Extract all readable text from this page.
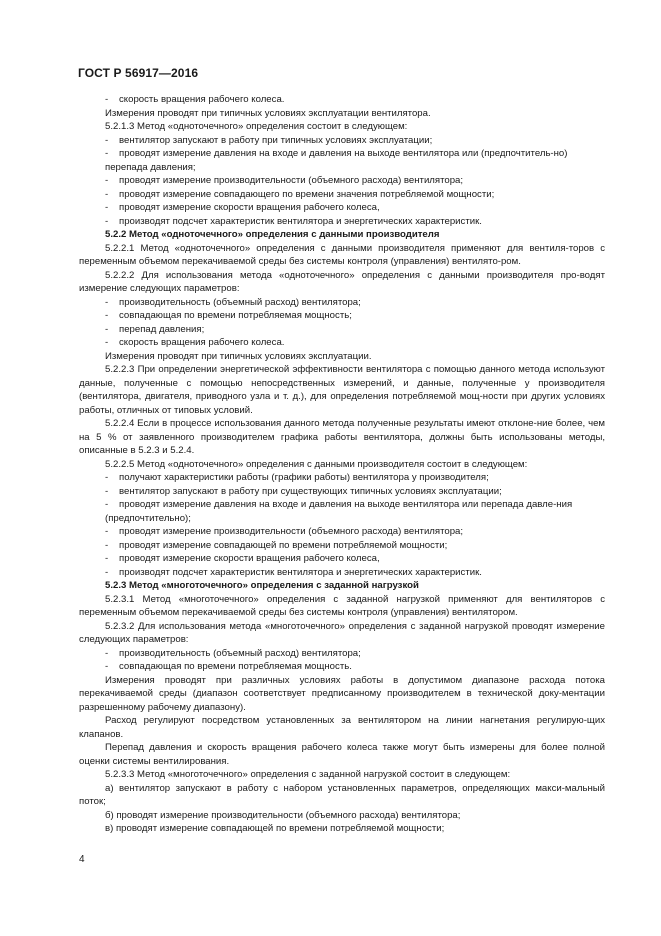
ГОСТ Р 56917—2016
- скорость вращения рабочего колеса.
Измерения проводят при типичных условиях эксплуатации вентилятора.
5.2.1.3 Метод «одноточечного» определения состоит в следующем:
- вентилятор запускают в работу при типичных условиях эксплуатации;
- проводят измерение давления на входе и давления на выходе вентилятора или (предпочтитель-но) перепада давления;
- проводят измерение производительности (объемного расхода) вентилятора;
- проводят измерение совпадающего по времени значения потребляемой мощности;
- проводят измерение скорости вращения рабочего колеса,
- производят подсчет характеристик вентилятора и энергетических характеристик.
5.2.2 Метод «одноточечного» определения с данными производителя
5.2.2.1 Метод «одноточечного» определения с данными производителя применяют для вентиля-торов с переменным объемом перекачиваемой среды без системы контроля (управления) вентилято-ром.
5.2.2.2 Для использования метода «одноточечного» определения с данными производителя про-водят измерение следующих параметров:
- производительность (объемный расход) вентилятора;
- совпадающая по времени потребляемая мощность;
- перепад давления;
- скорость вращения рабочего колеса.
Измерения проводят при типичных условиях эксплуатации.
5.2.2.3 При определении энергетической эффективности вентилятора с помощью данного метода используют данные, полученные с помощью непосредственных измерений, и данные, полученные у производителя (вентилятора, двигателя, приводного узла и т. д.), для определения потребляемой мощ-ности при других условиях работы, отличных от типовых условий.
5.2.2.4 Если в процессе использования данного метода полученные результаты имеют отклоне-ние более, чем на 5 % от заявленного производителем графика работы вентилятора, должны быть использованы методы, описанные в 5.2.3 и 5.2.4.
5.2.2.5 Метод «одноточечного» определения с данными производителя состоит в следующем:
- получают характеристики работы (графики работы) вентилятора у производителя;
- вентилятор запускают в работу при существующих типичных условиях эксплуатации;
- проводят измерение давления на входе и давления на выходе вентилятора или перепада давле-ния (предпочтительно);
- проводят измерение производительности (объемного расхода) вентилятора;
- проводят измерение совпадающей по времени потребляемой мощности;
- проводят измерение скорости вращения рабочего колеса,
- производят подсчет характеристик вентилятора и энергетических характеристик.
5.2.3 Метод «многоточечного» определения с заданной нагрузкой
5.2.3.1 Метод «многоточечного» определения с заданной нагрузкой применяют для вентиляторов с переменным объемом перекачиваемой среды без системы контроля (управления) вентилятором.
5.2.3.2 Для использования метода «многоточечного» определения с заданной нагрузкой проводят измерение следующих параметров:
- производительность (объемный расход) вентилятора;
- совпадающая по времени потребляемая мощность.
Измерения проводят при различных условиях работы в допустимом диапазоне расхода потока перекачиваемой среды (диапазон соответствует предписанному производителем в технической доку-ментации разрешенному рабочему диапазону).
Расход регулируют посредством установленных за вентилятором на линии нагнетания регулирую-щих клапанов.
Перепад давления и скорость вращения рабочего колеса также могут быть измерены для более полной оценки системы вентилирования.
5.2.3.3 Метод «многоточечного» определения с заданной нагрузкой состоит в следующем:
а) вентилятор запускают в работу с набором установленных параметров, определяющих макси-мальный поток;
б) проводят измерение производительности (объемного расхода) вентилятора;
в) проводят измерение совпадающей по времени потребляемой мощности;
4
